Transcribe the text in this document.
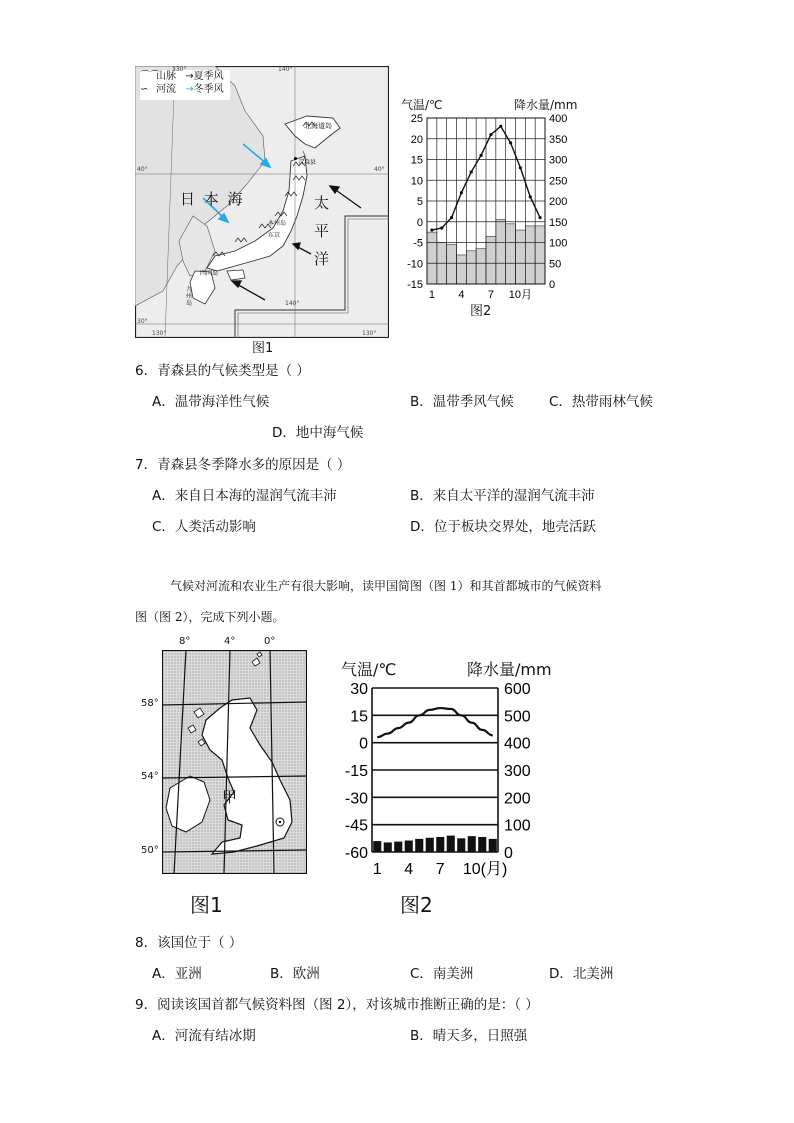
⌒⌒山脉 →夏季风
∽ 河流 →冬季风
130°	140°
40°	40°
30°
140°
130°	130°
日 本 海	太
平
洋
北海道岛
青森县
本州岛
东京
四国岛
九州岛
图1
气温/℃	降水量/mm
-15	0
-10	50
-5	100
0	150
5	200
10	250
15	300
20	350
25	400
1 4 7 10月
图2
6．青森县的气候类型是（ ）
A．温带海洋性气候	B．温带季风气候	C．热带雨林气候
D．地中海气候
7．青森县冬季降水多的原因是（ ）
A．来自日本海的湿润气流丰沛	B．来自太平洋的湿润气流丰沛
C．人类活动影响	D．位于板块交界处，地壳活跃
气候对河流和农业生产有很大影响，读甲国简图（图 1）和其首都城市的气候资料
图（图 2），完成下列小题。
8°	4°	0°
58°
54°
50°
甲
图1
气温/℃	降水量/mm
-60	0
-45	100
-30	200
-15	300
0	400
15	500
30	600
1 4 7 10 (月)
图2
8．该国位于（ ）
A．亚洲	B．欧洲	C．南美洲	D．北美洲
9．阅读该国首都气候资料图（图 2），对该城市推断正确的是：（ ）
A．河流有结冰期	B．晴天多，日照强
